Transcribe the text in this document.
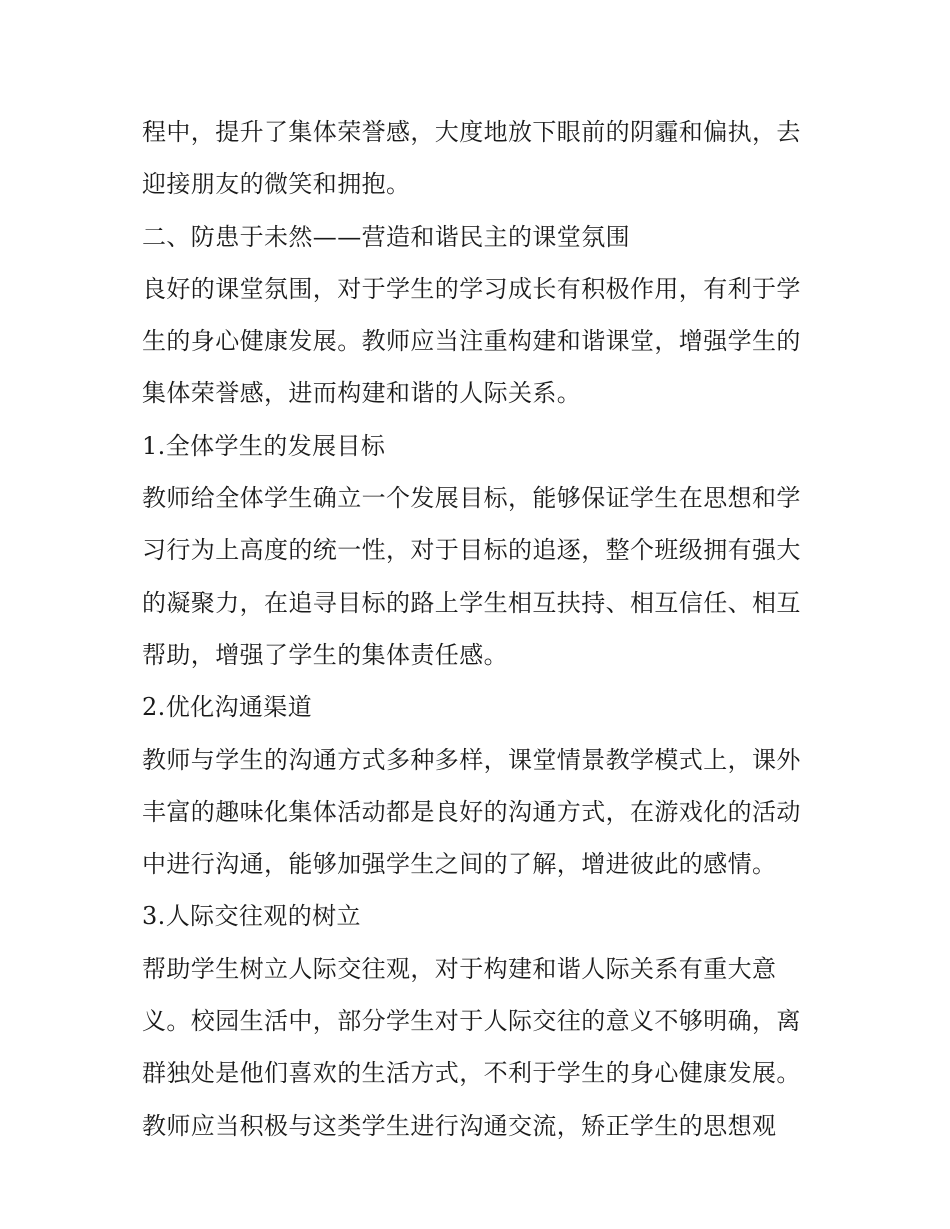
程中，提升了集体荣誉感，大度地放下眼前的阴霾和偏执，去
迎接朋友的微笑和拥抱。
二、防患于未然——营造和谐民主的课堂氛围
良好的课堂氛围，对于学生的学习成长有积极作用，有利于学
生的身心健康发展。教师应当注重构建和谐课堂，增强学生的
集体荣誉感，进而构建和谐的人际关系。
1.全体学生的发展目标
教师给全体学生确立一个发展目标，能够保证学生在思想和学
习行为上高度的统一性，对于目标的追逐，整个班级拥有强大
的凝聚力，在追寻目标的路上学生相互扶持、相互信任、相互
帮助，增强了学生的集体责任感。
2.优化沟通渠道
教师与学生的沟通方式多种多样，课堂情景教学模式上，课外
丰富的趣味化集体活动都是良好的沟通方式，在游戏化的活动
中进行沟通，能够加强学生之间的了解，增进彼此的感情。
3.人际交往观的树立
帮助学生树立人际交往观，对于构建和谐人际关系有重大意
义。校园生活中，部分学生对于人际交往的意义不够明确，离
群独处是他们喜欢的生活方式，不利于学生的身心健康发展。
教师应当积极与这类学生进行沟通交流，矫正学生的思想观
